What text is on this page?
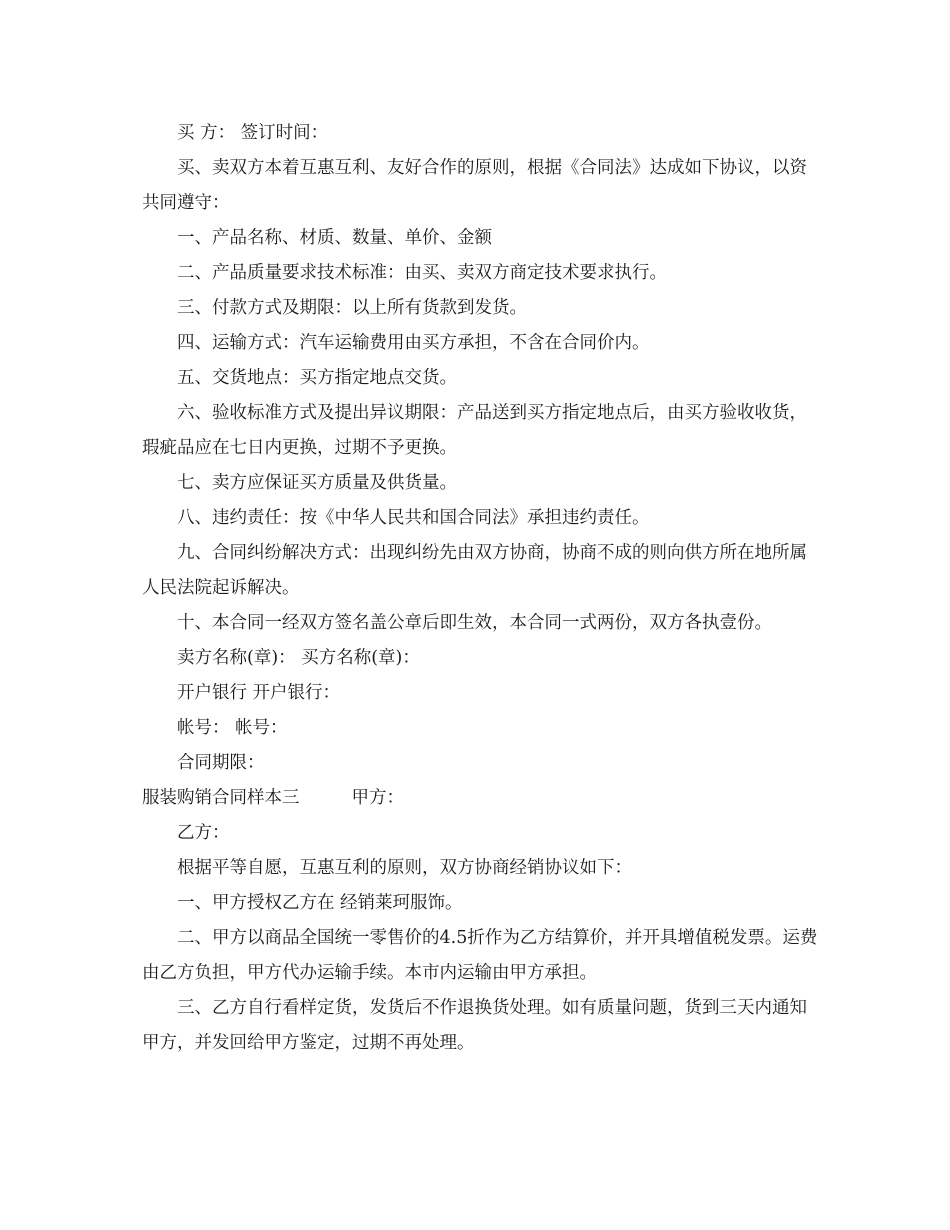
买 方： 签订时间：

买、卖双方本着互惠互利、友好合作的原则，根据《合同法》达成如下协议，以资共同遵守：

一、产品名称、材质、数量、单价、金额

二、产品质量要求技术标准：由买、卖双方商定技术要求执行。

三、付款方式及期限：以上所有货款到发货。

四、运输方式：汽车运输费用由买方承担，不含在合同价内。

五、交货地点：买方指定地点交货。

六、验收标准方式及提出异议期限：产品送到买方指定地点后，由买方验收收货，瑕疵品应在七日内更换，过期不予更换。

七、卖方应保证买方质量及供货量。

八、违约责任：按《中华人民共和国合同法》承担违约责任。

九、合同纠纷解决方式：出现纠纷先由双方协商，协商不成的则向供方所在地所属人民法院起诉解决。

十、本合同一经双方签名盖公章后即生效，本合同一式两份，双方各执壹份。

卖方名称(章)： 买方名称(章)：

开户银行 开户银行：

帐号： 帐号：

合同期限：

服装购销合同样本三	甲方：

乙方：

根据平等自愿，互惠互利的原则，双方协商经销协议如下：

一、甲方授权乙方在 经销莱珂服饰。

二、甲方以商品全国统一零售价的4.5折作为乙方结算价，并开具增值税发票。运费由乙方负担，甲方代办运输手续。本市内运输由甲方承担。

三、乙方自行看样定货，发货后不作退换货处理。如有质量问题，货到三天内通知甲方，并发回给甲方鉴定，过期不再处理。
